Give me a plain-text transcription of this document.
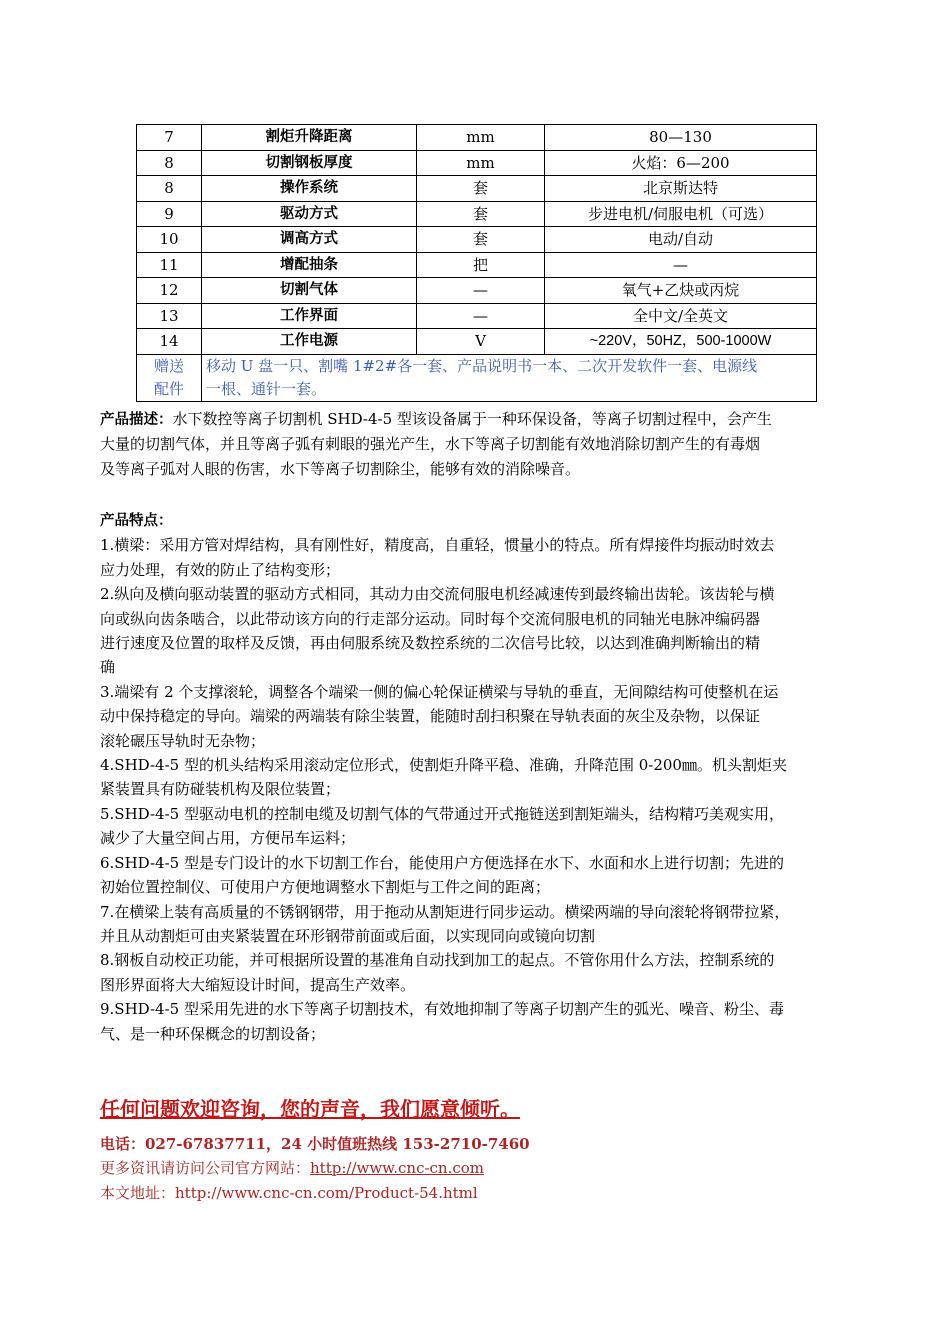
7	割炬升降距离	mm	80—130
8	切割钢板厚度	mm	火焰：6—200
8	操作系统	套	北京斯达特
9	驱动方式	套	步进电机/伺服电机（可选）
10	调高方式	套	电动/自动
11	增配抽条	把	—
12	切割气体	—	氧气+乙炔或丙烷
13	工作界面	—	全中文/全英文
14	工作电源	V	~220V，50HZ，500-1000W
赠送
配件	移动 U 盘一只、割嘴 1#2#各一套、产品说明书一本、二次开发软件一套、电源线
一根、通针一套。		
产品描述：水下数控等离子切割机 SHD-4-5 型该设备属于一种环保设备，等离子切割过程中，会产生
大量的切割气体，并且等离子弧有刺眼的强光产生，水下等离子切割能有效地消除切割产生的有毒烟
及等离子弧对人眼的伤害，水下等离子切割除尘，能够有效的消除噪音。
产品特点：
1.横梁：采用方管对焊结构，具有刚性好，精度高，自重轻，惯量小的特点。所有焊接件均振动时效去
应力处理，有效的防止了结构变形；
2.纵向及横向驱动装置的驱动方式相同，其动力由交流伺服电机经减速传到最终输出齿轮。该齿轮与横
向或纵向齿条啮合，以此带动该方向的行走部分运动。同时每个交流伺服电机的同轴光电脉冲编码器
进行速度及位置的取样及反馈，再由伺服系统及数控系统的二次信号比较，以达到准确判断输出的精
确
3.端梁有 2 个支撑滚轮，调整各个端梁一侧的偏心轮保证横梁与导轨的垂直，无间隙结构可使整机在运
动中保持稳定的导向。端梁的两端装有除尘装置，能随时刮扫积聚在导轨表面的灰尘及杂物，以保证
滚轮碾压导轨时无杂物；
4.SHD-4-5 型的机头结构采用滚动定位形式，使割炬升降平稳、准确，升降范围 0-200㎜。机头割炬夹
紧装置具有防碰装机构及限位装置；
5.SHD-4-5 型驱动电机的控制电缆及切割气体的气带通过开式拖链送到割矩端头，结构精巧美观实用，
减少了大量空间占用，方便吊车运料；
6.SHD-4-5 型是专门设计的水下切割工作台，能使用户方便选择在水下、水面和水上进行切割；先进的
初始位置控制仪、可使用户方便地调整水下割炬与工件之间的距离；
7.在横梁上装有高质量的不锈钢钢带，用于拖动从割矩进行同步运动。横梁两端的导向滚轮将钢带拉紧，
并且从动割炬可由夹紧装置在环形钢带前面或后面，以实现同向或镜向切割
8.钢板自动校正功能，并可根据所设置的基准角自动找到加工的起点。不管你用什么方法，控制系统的
图形界面将大大缩短设计时间，提高生产效率。
9.SHD-4-5 型采用先进的水下等离子切割技术，有效地抑制了等离子切割产生的弧光、噪音、粉尘、毒
气、是一种环保概念的切割设备；
任何问题欢迎咨询，您的声音，我们愿意倾听。
电话：027-67837711，24 小时值班热线 153-2710-7460
更多资讯请访问公司官方网站：http://www.cnc-cn.com
本文地址：http://www.cnc-cn.com/Product-54.html
